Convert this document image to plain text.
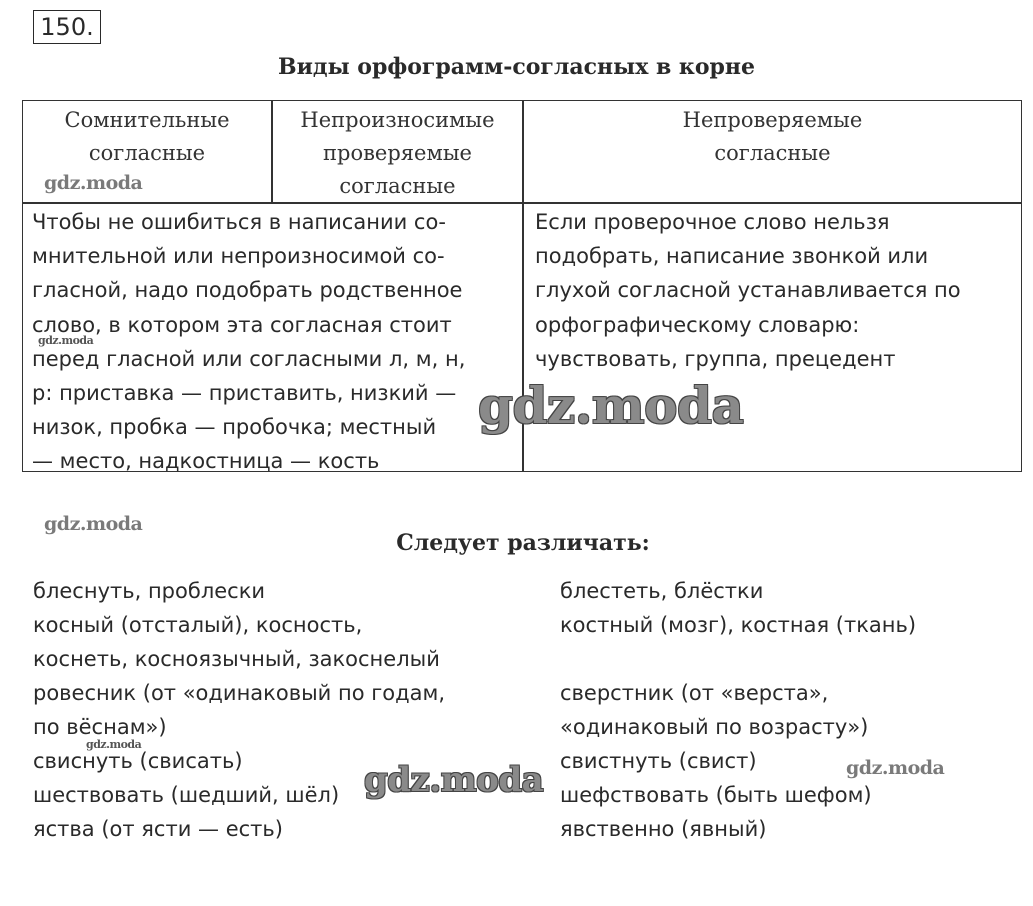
150.
Виды орфограмм-согласных в корне
Сомнительные
согласные
Непроизносимые
проверяемые
согласные
Непроверяемые
согласные
Чтобы не ошибиться в написании со-
мнительной или непроизносимой со-
гласной, надо подобрать родственное
слово, в котором эта согласная стоит
перед гласной или согласными л, м, н,
р: приставка — приставить, низкий —
низок, пробка — пробочка; местный
— место, надкостница — кость
Если проверочное слово нельзя
подобрать, написание звонкой или
глухой согласной устанавливается по
орфографическому словарю:
чувствовать, группа, прецедент
Следует различать:
блеснуть, проблески
косный (отсталый), косность,
коснеть, косноязычный, закоснелый
ровесник (от «одинаковый по годам,
по вёснам»)
свиснуть (свисать)
шествовать (шедший, шёл)
яства (от ясти — есть)
блестеть, блёстки
костный (мозг), костная (ткань)
сверстник (от «верста»,
«одинаковый по возрасту»)
свистнуть (свист)
шефствовать (быть шефом)
явственно (явный)
gdz.moda
gdz.moda
gdz.moda
gdz.moda
gdz.moda
gdz.moda	gdz.moda
